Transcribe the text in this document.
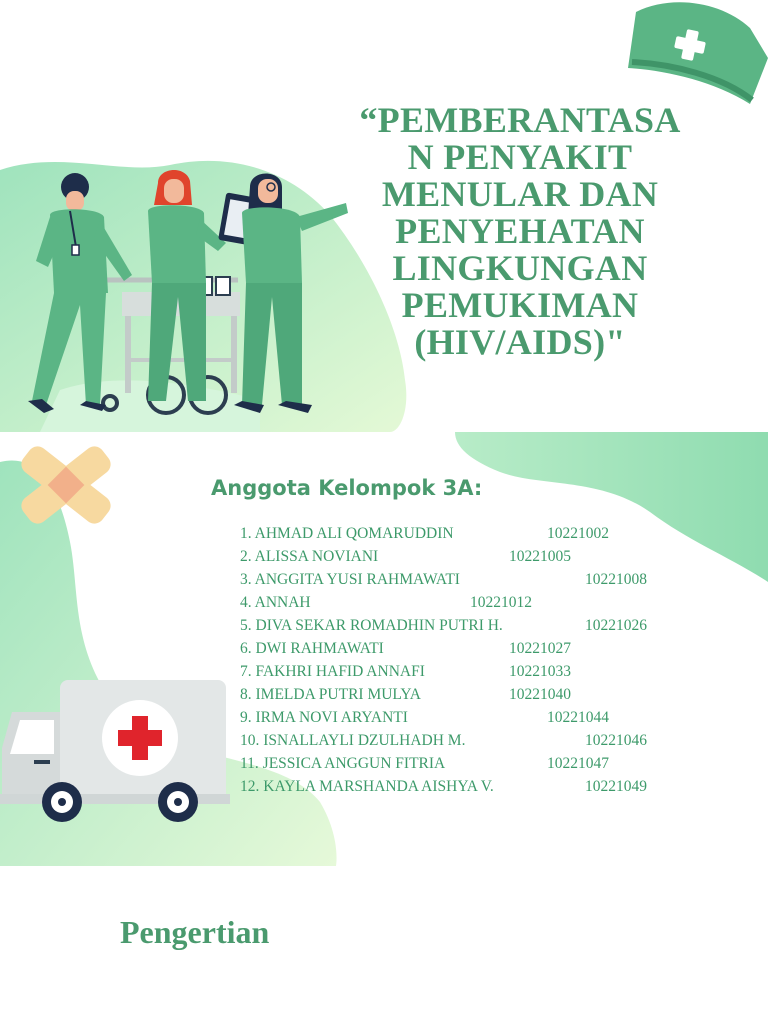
“PEMBERANTASA
N PENYAKIT
MENULAR DAN
PENYEHATAN
LINGKUNGAN
PEMUKIMAN
(HIV/AIDS)"
Anggota Kelompok 3A:
1. AHMAD ALI QOMARUDDIN	10221002
2. ALISSA NOVIANI	10221005
3. ANGGITA YUSI RAHMAWATI	10221008
4. ANNAH	10221012
5. DIVA SEKAR ROMADHIN PUTRI H.	10221026
6. DWI RAHMAWATI	10221027
7. FAKHRI HAFID ANNAFI	10221033
8. IMELDA PUTRI MULYA	10221040
9. IRMA NOVI ARYANTI	10221044
10. ISNALLAYLI DZULHADH M.	10221046
11. JESSICA ANGGUN FITRIA	10221047
12. KAYLA MARSHANDA AISHYA V.	10221049
Pengertian
